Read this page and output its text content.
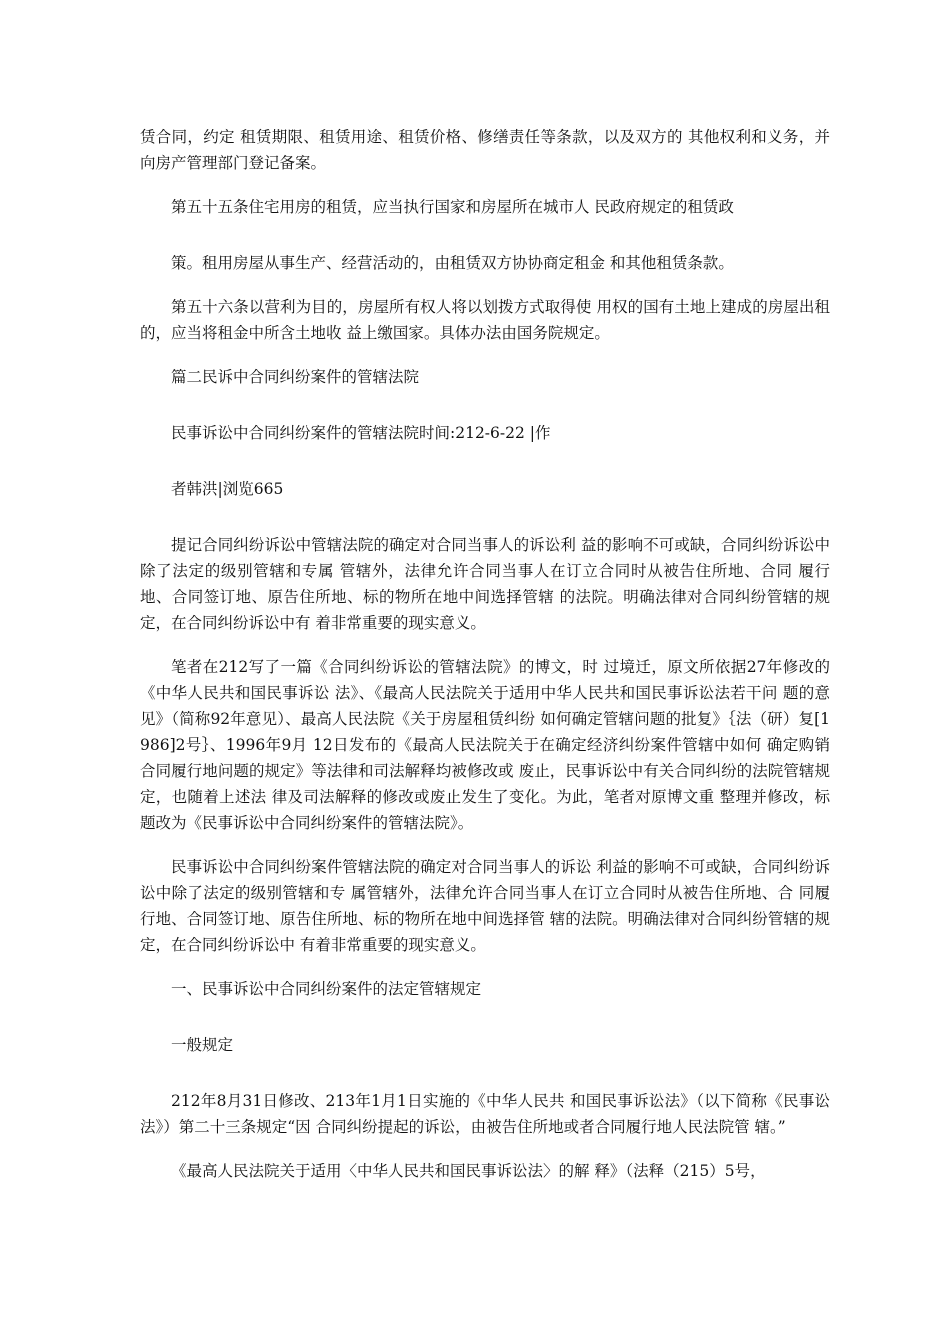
赁合同，约定 租赁期限、租赁用途、租赁价格、修缮责任等条款，以及双方的 其他权利和义务，并向房产管理部门登记备案。

第五十五条住宅用房的租赁，应当执行国家和房屋所在城市人 民政府规定的租赁政

策。租用房屋从事生产、经营活动的，由租赁双方协协商定租金 和其他租赁条款。

第五十六条以营利为目的，房屋所有权人将以划拨方式取得使 用权的国有土地上建成的房屋出租的，应当将租金中所含土地收 益上缴国家。具体办法由国务院规定。

篇二民诉中合同纠纷案件的管辖法院

民事诉讼中合同纠纷案件的管辖法院时间:212-6-22 |作

者韩洪|浏览665

提记合同纠纷诉讼中管辖法院的确定对合同当事人的诉讼利 益的影响不可或缺，合同纠纷诉讼中除了法定的级别管辖和专属 管辖外，法律允许合同当事人在订立合同时从被告住所地、合同 履行地、合同签订地、原告住所地、标的物所在地中间选择管辖 的法院。明确法律对合同纠纷管辖的规定，在合同纠纷诉讼中有 着非常重要的现实意义。

笔者在212写了一篇《合同纠纷诉讼的管辖法院》的博文，时 过境迁，原文所依据27年修改的《中华人民共和国民事诉讼 法》、《最高人民法院关于适用中华人民共和国民事诉讼法若干问 题的意见》（简称92年意见）、最高人民法院《关于房屋租赁纠纷 如何确定管辖问题的批复》｛法（研）复[1986]2号｝、1996年9月 12日发布的《最高人民法院关于在确定经济纠纷案件管辖中如何 确定购销合同履行地问题的规定》等法律和司法解释均被修改或 废止，民事诉讼中有关合同纠纷的法院管辖规定，也随着上述法 律及司法解释的修改或废止发生了变化。为此，笔者对原博文重 整理并修改，标题改为《民事诉讼中合同纠纷案件的管辖法院》。

民事诉讼中合同纠纷案件管辖法院的确定对合同当事人的诉讼 利益的影响不可或缺，合同纠纷诉讼中除了法定的级别管辖和专 属管辖外，法律允许合同当事人在订立合同时从被告住所地、合 同履行地、合同签订地、原告住所地、标的物所在地中间选择管 辖的法院。明确法律对合同纠纷管辖的规定，在合同纠纷诉讼中 有着非常重要的现实意义。

一、民事诉讼中合同纠纷案件的法定管辖规定

一般规定

212年8月31日修改、213年1月1日实施的《中华人民共 和国民事诉讼法》（以下简称《民事讼法》）第二十三条规定“因 合同纠纷提起的诉讼，由被告住所地或者合同履行地人民法院管 辖。”

《最高人民法院关于适用〈中华人民共和国民事诉讼法〉的解 释》（法释（215）5号，
